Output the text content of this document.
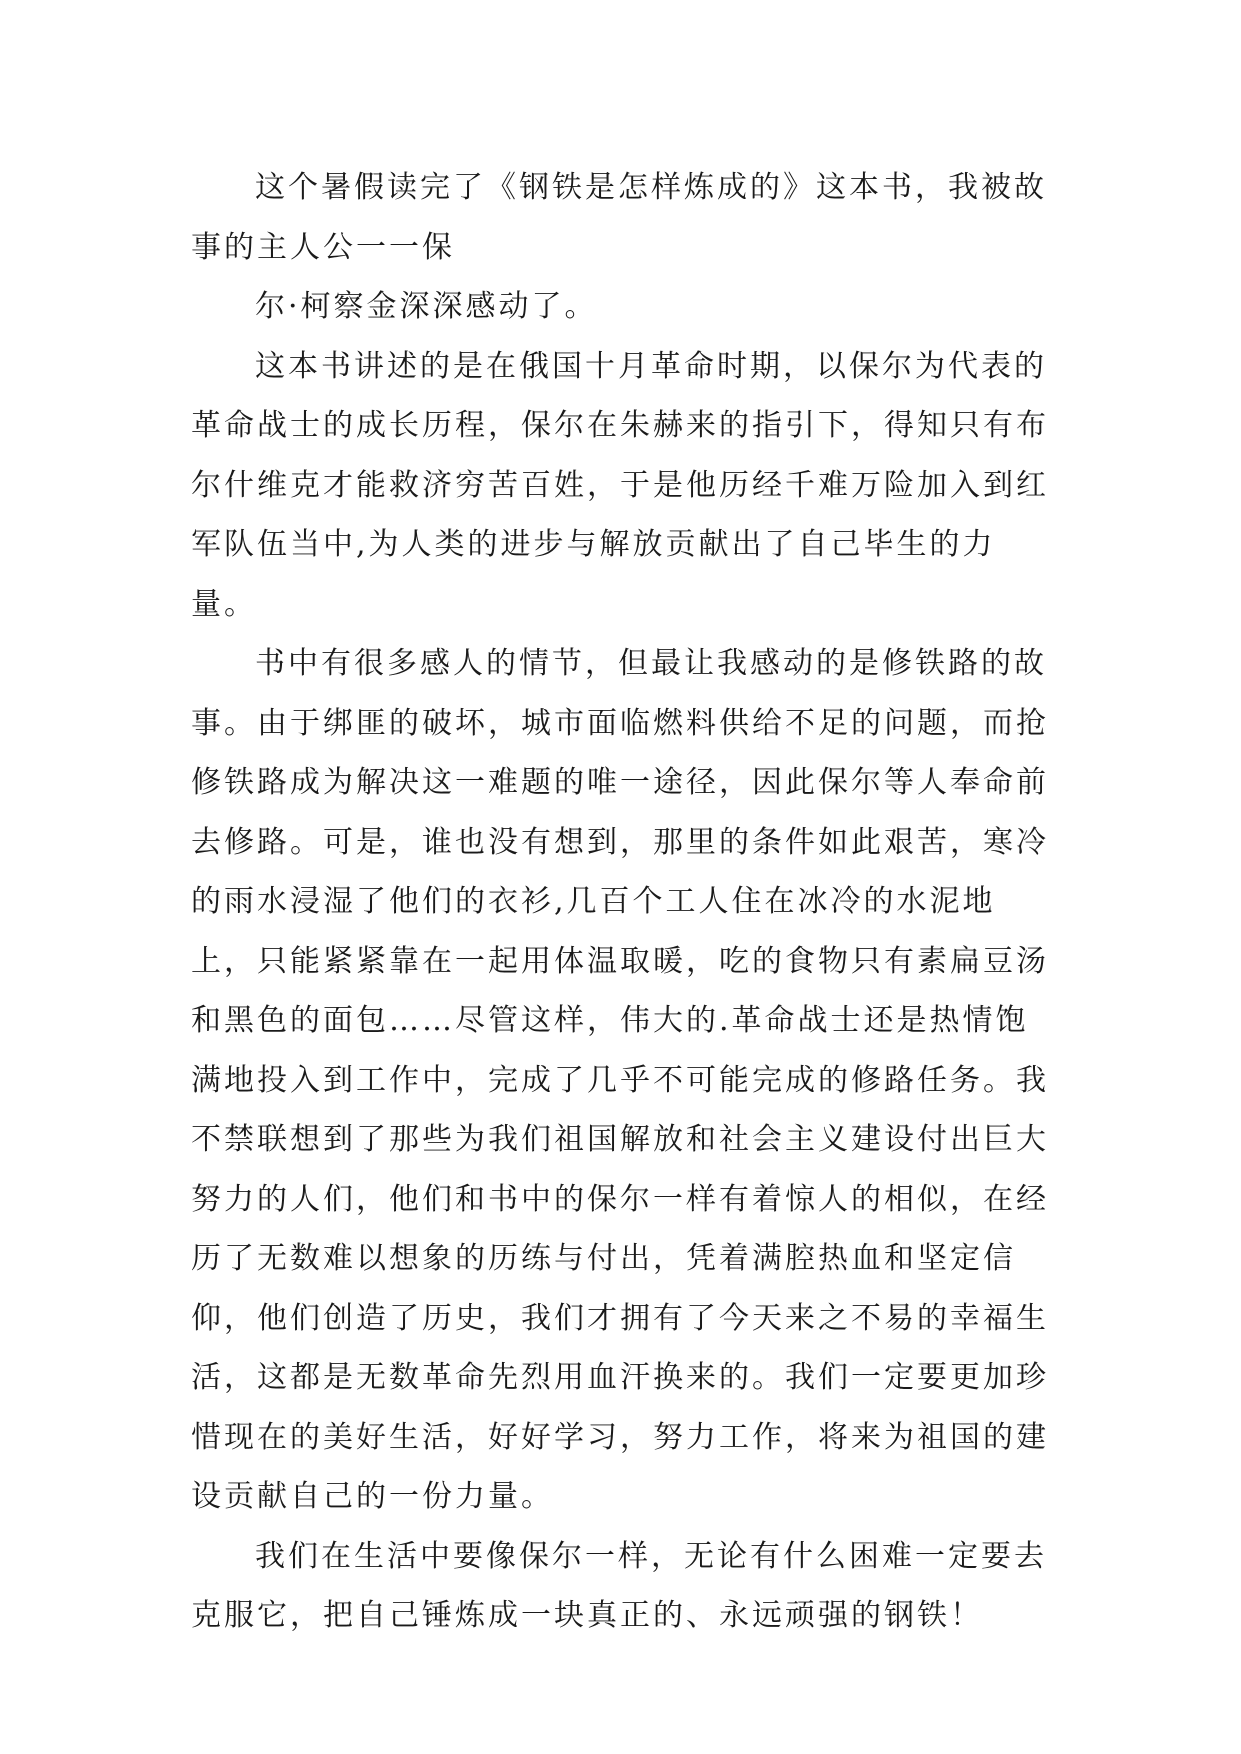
这个暑假读完了《钢铁是怎样炼成的》这本书，我被故事的主人公一一保

尔·柯察金深深感动了。

这本书讲述的是在俄国十月革命时期，以保尔为代表的革命战士的成长历程，保尔在朱赫来的指引下，得知只有布尔什维克才能救济穷苦百姓，于是他历经千难万险加入到红军队伍当中,为人类的进步与解放贡献出了自己毕生的力量。

书中有很多感人的情节，但最让我感动的是修铁路的故事。由于绑匪的破坏，城市面临燃料供给不足的问题，而抢修铁路成为解决这一难题的唯一途径，因此保尔等人奉命前去修路。可是，谁也没有想到，那里的条件如此艰苦，寒冷的雨水浸湿了他们的衣衫,几百个工人住在冰冷的水泥地上，只能紧紧靠在一起用体温取暖，吃的食物只有素扁豆汤和黑色的面包……尽管这样，伟大的.革命战士还是热情饱满地投入到工作中，完成了几乎不可能完成的修路任务。我不禁联想到了那些为我们祖国解放和社会主义建设付出巨大努力的人们，他们和书中的保尔一样有着惊人的相似，在经历了无数难以想象的历练与付出，凭着满腔热血和坚定信仰，他们创造了历史，我们才拥有了今天来之不易的幸福生活，这都是无数革命先烈用血汗换来的。我们一定要更加珍惜现在的美好生活，好好学习，努力工作，将来为祖国的建设贡献自己的一份力量。

我们在生活中要像保尔一样，无论有什么困难一定要去克服它，把自己锤炼成一块真正的、永远顽强的钢铁！
